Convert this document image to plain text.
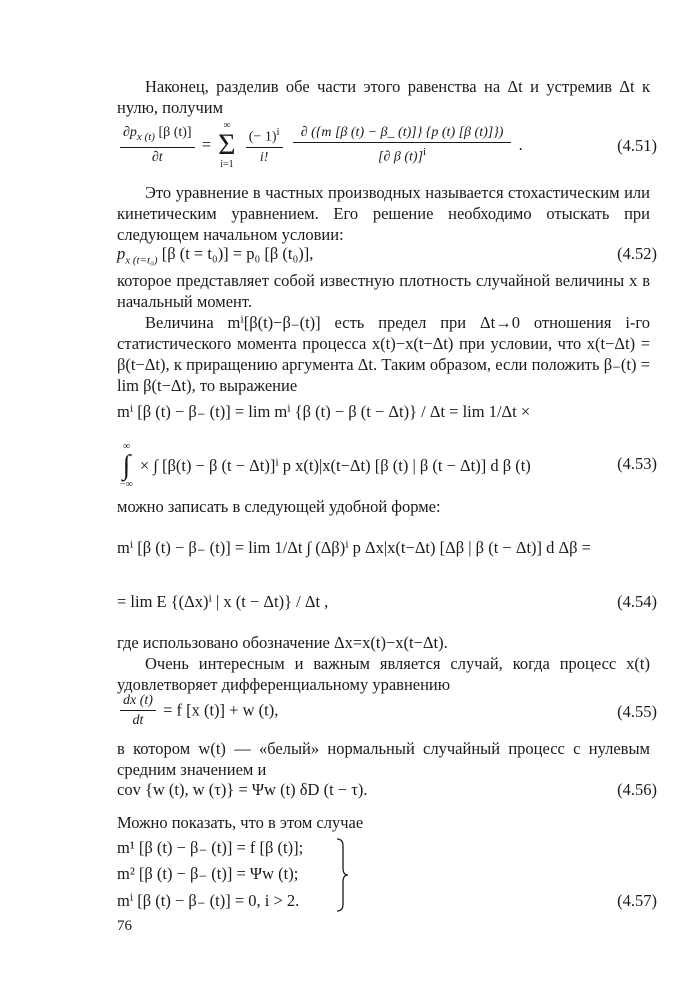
Наконец, разделив обе части этого равенства на Δt и устремив Δt к нулю, получим
$\frac{\partial p_{x (t)} [\beta (t)]}{\partial t}$ =
∞
Σ
i=1
$\frac{(- 1)^i}{i!}$
$\frac{\partial (\{m [\beta (t) - \beta\_ (t)]\} \{p (t) [\beta (t)]\})}{[\partial \beta (t)]^i}$ .	(4.51)
Это уравнение в частных производных называется стохастическим или кинетическим уравнением. Его решение необходимо отыскать при следующем начальном условии:
$p_{x (t=t_0)}$ [β (t = t₀)] = p₀ [β (t₀)],	(4.52)
которое представляет собой известную плотность случайной величины x в начальный момент.
Величина mⁱ[β(t)−β₋(t)] есть предел при Δt→0 отношения i-го статистического момента процесса x(t)−x(t−Δt) при условии, что x(t−Δt) = β(t−Δt), к приращению аргумента Δt. Таким образом, если положить β₋(t) = lim β(t−Δt), то выражение
mⁱ [β (t) − β₋ (t)] = lim mⁱ {β (t) − β (t − Δt)} / Δt = lim 1/Δt ×
∞
∫
−∞
× ∫ [β(t) − β (t − Δt)]ⁱ p x(t)|x(t−Δt) [β (t) | β (t − Δt)] d β (t)	(4.53)
можно записать в следующей удобной форме:
mⁱ [β (t) − β₋ (t)] = lim 1/Δt ∫ (Δβ)ⁱ p Δx|x(t−Δt) [Δβ | β (t − Δt)] d Δβ =
= lim E {(Δx)ⁱ | x (t − Δt)} / Δt ,	(4.54)
где использовано обозначение Δx=x(t)−x(t−Δt).
Очень интересным и важным является случай, когда процесс x(t) удовлетворяет дифференциальному уравнению
$\frac{dx (t)}{dt} = f$ [x (t)] + w (t),	(4.55)
в котором w(t) — «белый» нормальный случайный процесс с нулевым средним значением и
cov {w (t), w (τ)} = Ψw (t) δD (t − τ).	(4.56)
Можно показать, что в этом случае
m¹ [β (t) − β₋ (t)] = f [β (t)];
m² [β (t) − β₋ (t)] = Ψw (t);
mⁱ [β (t) − β₋ (t)] = 0, i > 2.	(4.57)
76
